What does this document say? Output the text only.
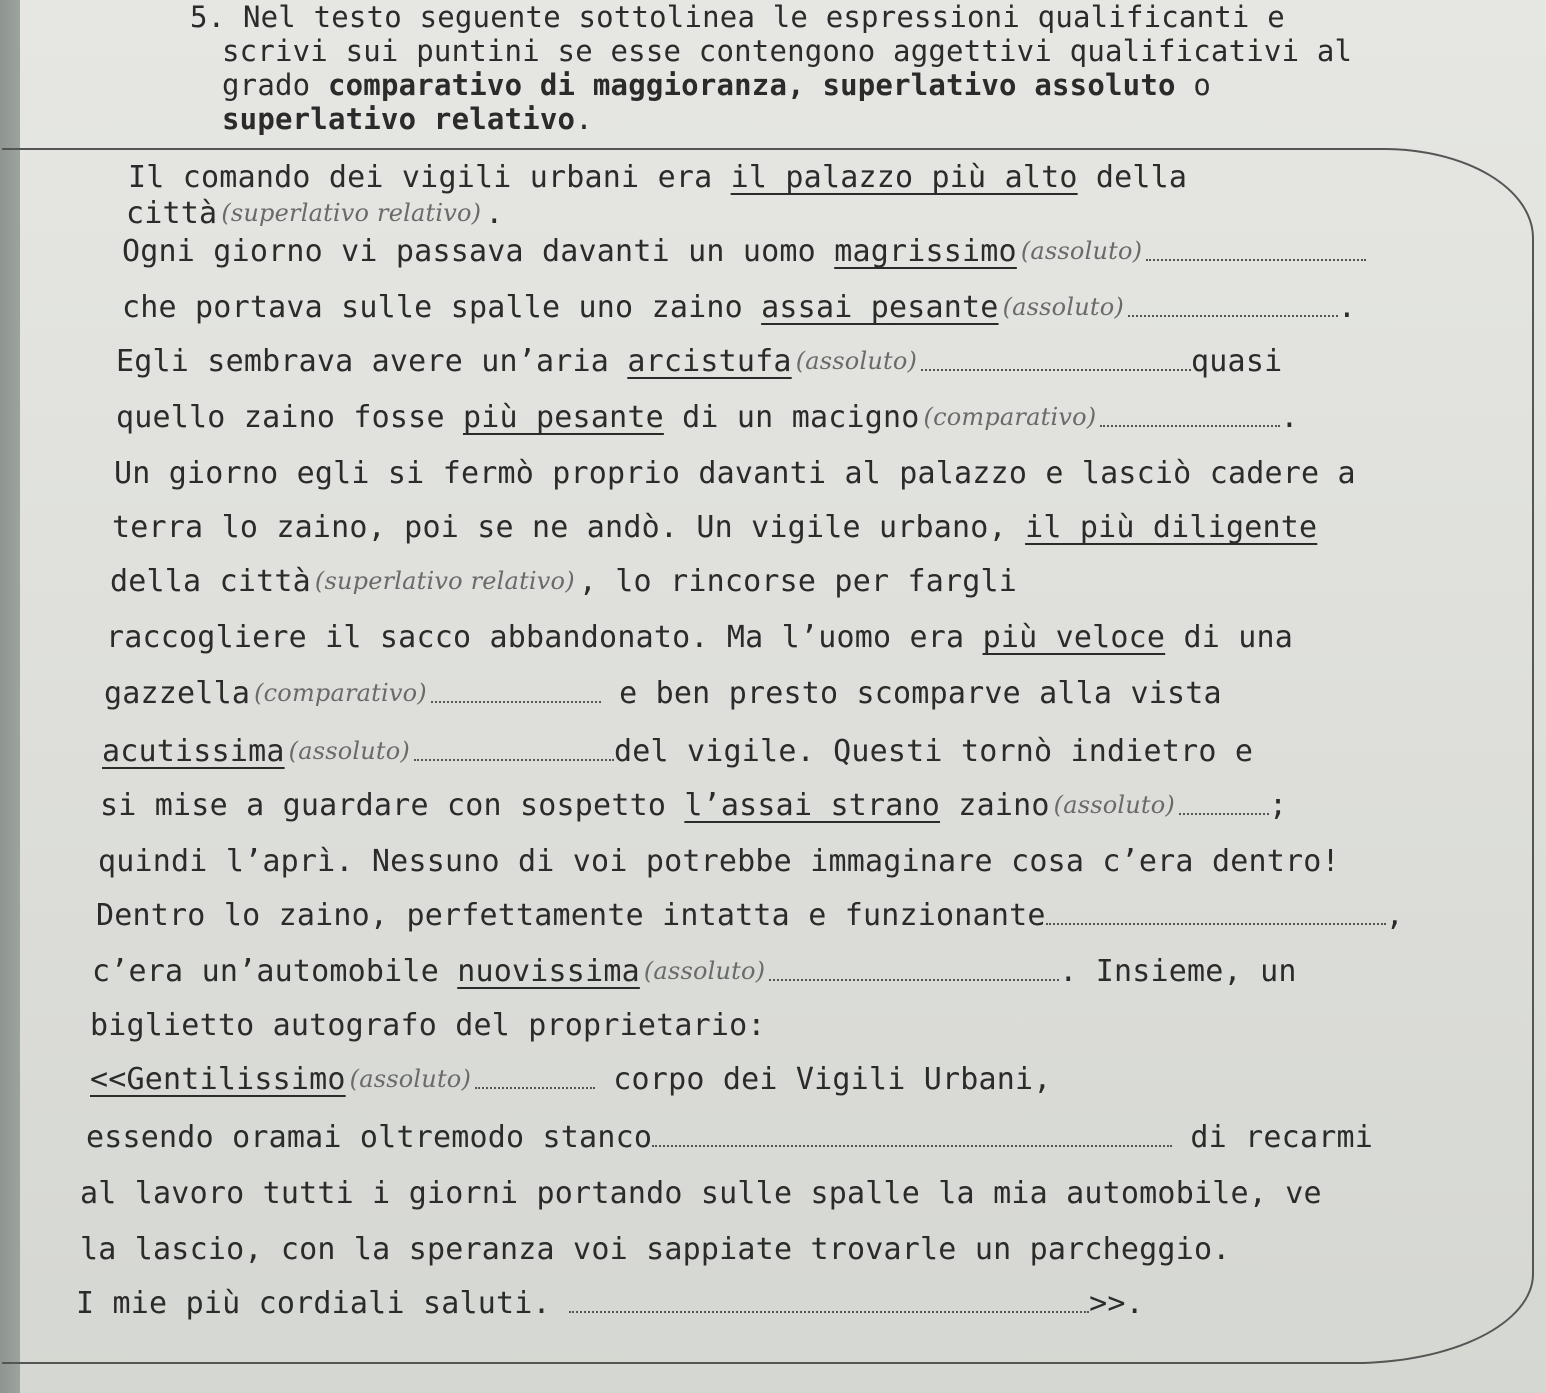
5. Nel testo seguente sottolinea le espressioni qualificanti e
scrivi sui puntini se esse contengono aggettivi qualificativi al
grado comparativo di maggioranza, superlativo assoluto o
superlativo relativo.
Il comando dei vigili urbani era il palazzo più alto della
città (superlativo relativo) .
Ogni giorno vi passava davanti un uomo magrissimo (assoluto)
che portava sulle spalle uno zaino assai pesante (assoluto)	.
Egli sembrava avere un’aria arcistufa (assoluto)	quasi
quello zaino fosse più pesante di un macigno (comparativo)	.
Un giorno egli si fermò proprio davanti al palazzo e lasciò cadere a
terra lo zaino, poi se ne andò. Un vigile urbano, il più diligente
della città (superlativo relativo) , lo rincorse per fargli
raccogliere il sacco abbandonato. Ma l’uomo era più veloce di una
gazzella (comparativo)	e ben presto scomparve alla vista
acutissima (assoluto)	del vigile. Questi tornò indietro e
si mise a guardare con sospetto l’assai strano zaino (assoluto)	;
quindi l’aprì. Nessuno di voi potrebbe immaginare cosa c’era dentro!
Dentro lo zaino, perfettamente intatta e funzionante	,
c’era un’automobile nuovissima (assoluto)	. Insieme, un
biglietto autografo del proprietario:
<<Gentilissimo (assoluto)	corpo dei Vigili Urbani,
essendo oramai oltremodo stanco	di recarmi
al lavoro tutti i giorni portando sulle spalle la mia automobile, ve
la lascio, con la speranza voi sappiate trovarle un parcheggio.
I mie più cordiali saluti.	>>.
